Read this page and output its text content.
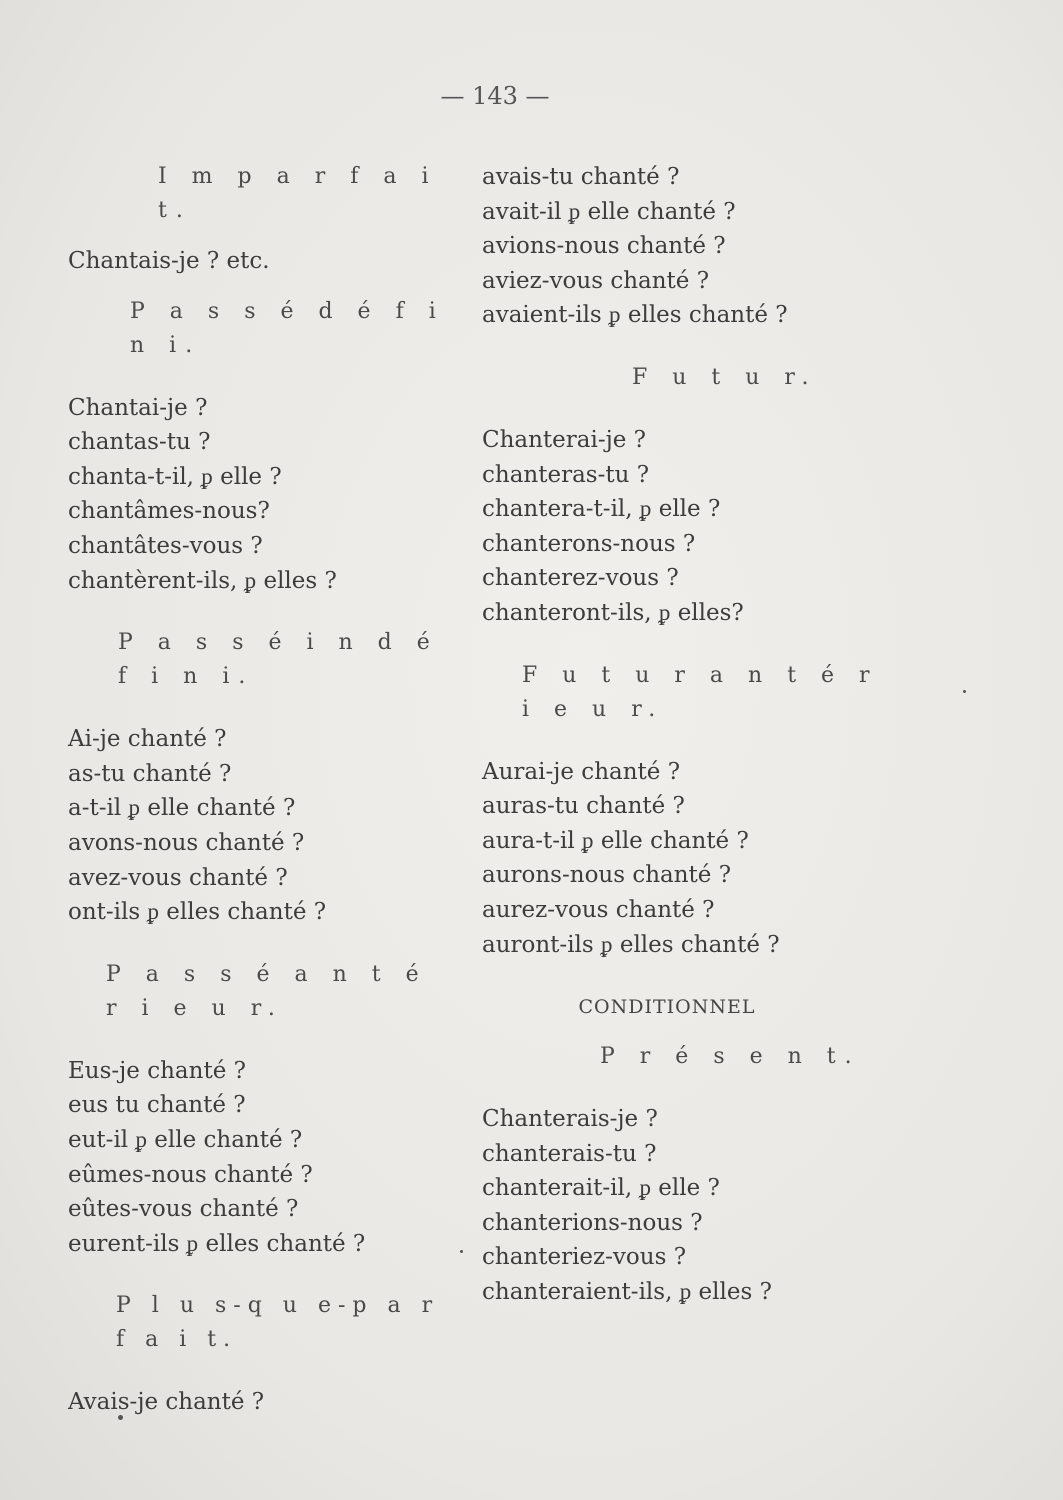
— 143 —
I m p a r f a i t.
Chantais-je ? etc.
P a s s é d é f i n i.
Chantai-je ?
chantas-tu ?
chanta-t-il, ᵱ elle ?
chantâmes-nous?
chantâtes-vous ?
chantèrent-ils, ᵱ elles ?
P a s s é i n d é f i n i.
Ai-je chanté ?
as-tu chanté ?
a-t-il ᵱ elle chanté ?
avons-nous chanté ?
avez-vous chanté ?
ont-ils ᵱ elles chanté ?
P a s s é a n t é r i e u r.
Eus-je chanté ?
eus tu chanté ?
eut-il ᵱ elle chanté ?
eûmes-nous chanté ?
eûtes-vous chanté ?
eurent-ils ᵱ elles chanté ?
P l u s-q u e-p a r f a i t.
Avais-je chanté ?
avais-tu chanté ?
avait-il ᵱ elle chanté ?
avions-nous chanté ?
aviez-vous chanté ?
avaient-ils ᵱ elles chanté ?
F u t u r.
Chanterai-je ?
chanteras-tu ?
chantera-t-il, ᵱ elle ?
chanterons-nous ?
chanterez-vous ?
chanteront-ils, ᵱ elles?
F u t u r a n t é r i e u r.
Aurai-je chanté ?
auras-tu chanté ?
aura-t-il ᵱ elle chanté ?
aurons-nous chanté ?
aurez-vous chanté ?
auront-ils ᵱ elles chanté ?
CONDITIONNEL
P r é s e n t.
Chanterais-je ?
chanterais-tu ?
chanterait-il, ᵱ elle ?
chanterions-nous ?
chanteriez-vous ?
chanteraient-ils, ᵱ elles ?
